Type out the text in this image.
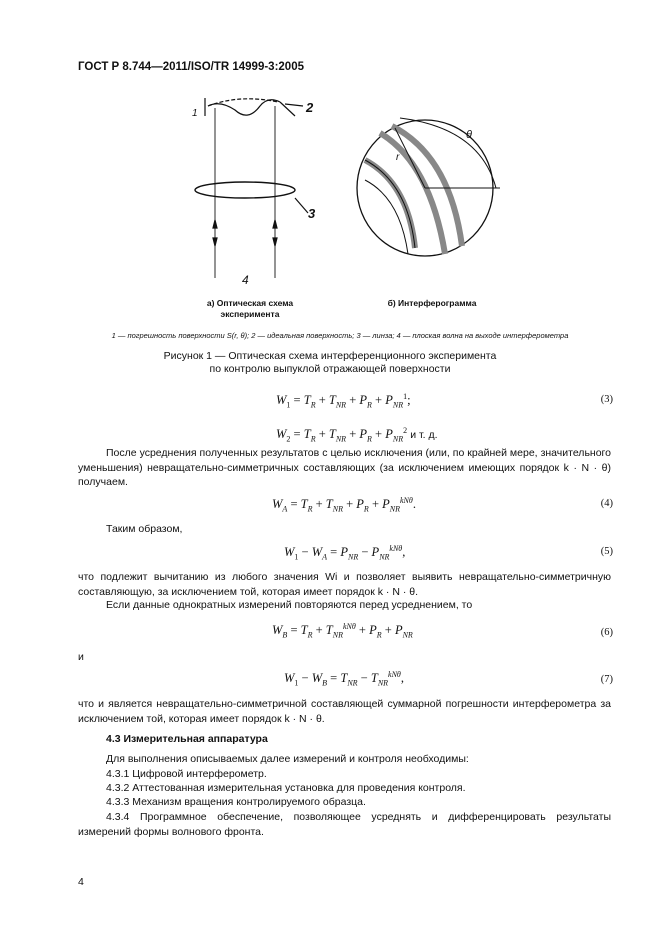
ГОСТ Р 8.744—2011/ISO/TR 14999-3:2005
1	2
3
4
θ
r
а) Оптическая схема эксперимента
б) Интерферограмма
1 — погрешность поверхности S(r, θ); 2 — идеальная поверхность; 3 — линза; 4 — плоская волна на выходе интерферометра
Рисунок 1 — Оптическая схема интерференционного эксперимента
по контролю выпуклой отражающей поверхности
$W_1 = T_R + T_{NR} + P_R + P_{NR}^1$;	(3)
$W_2 = T_R + T_{NR} + P_R + P_{NR}^2$ и т. д.
После усреднения полученных результатов с целью исключения (или, по крайней мере, значительного уменьшения) невращательно-симметричных составляющих (за исключением имеющих порядок k · N · θ) получаем.
$W_A = T_R + T_{NR} + P_R + P_{NR}^{kN\theta}$.	(4)
Таким образом,
$W_1 - W_A = P_{NR} - P_{NR}^{kN\theta}$,	(5)
что подлежит вычитанию из любого значения Wi и позволяет выявить невращательно-симметричную составляющую, за исключением той, которая имеет порядок k · N · θ.
Если данные однократных измерений повторяются перед усреднением, то
$W_B = T_R + T_{NR}^{kN\theta} + P_R + P_{NR}$	(6)
и
$W_1 - W_B = T_{NR} - T_{NR}^{kN\theta}$,	(7)
что и является невращательно-симметричной составляющей суммарной погрешности интерферометра за исключением той, которая имеет порядок k · N · θ.
4.3 Измерительная аппаратура
Для выполнения описываемых далее измерений и контроля необходимы:
4.3.1 Цифровой интерферометр.
4.3.2 Аттестованная измерительная установка для проведения контроля.
4.3.3 Механизм вращения контролируемого образца.
4.3.4 Программное обеспечение, позволяющее усреднять и дифференцировать результаты измерений формы волнового фронта.
4
